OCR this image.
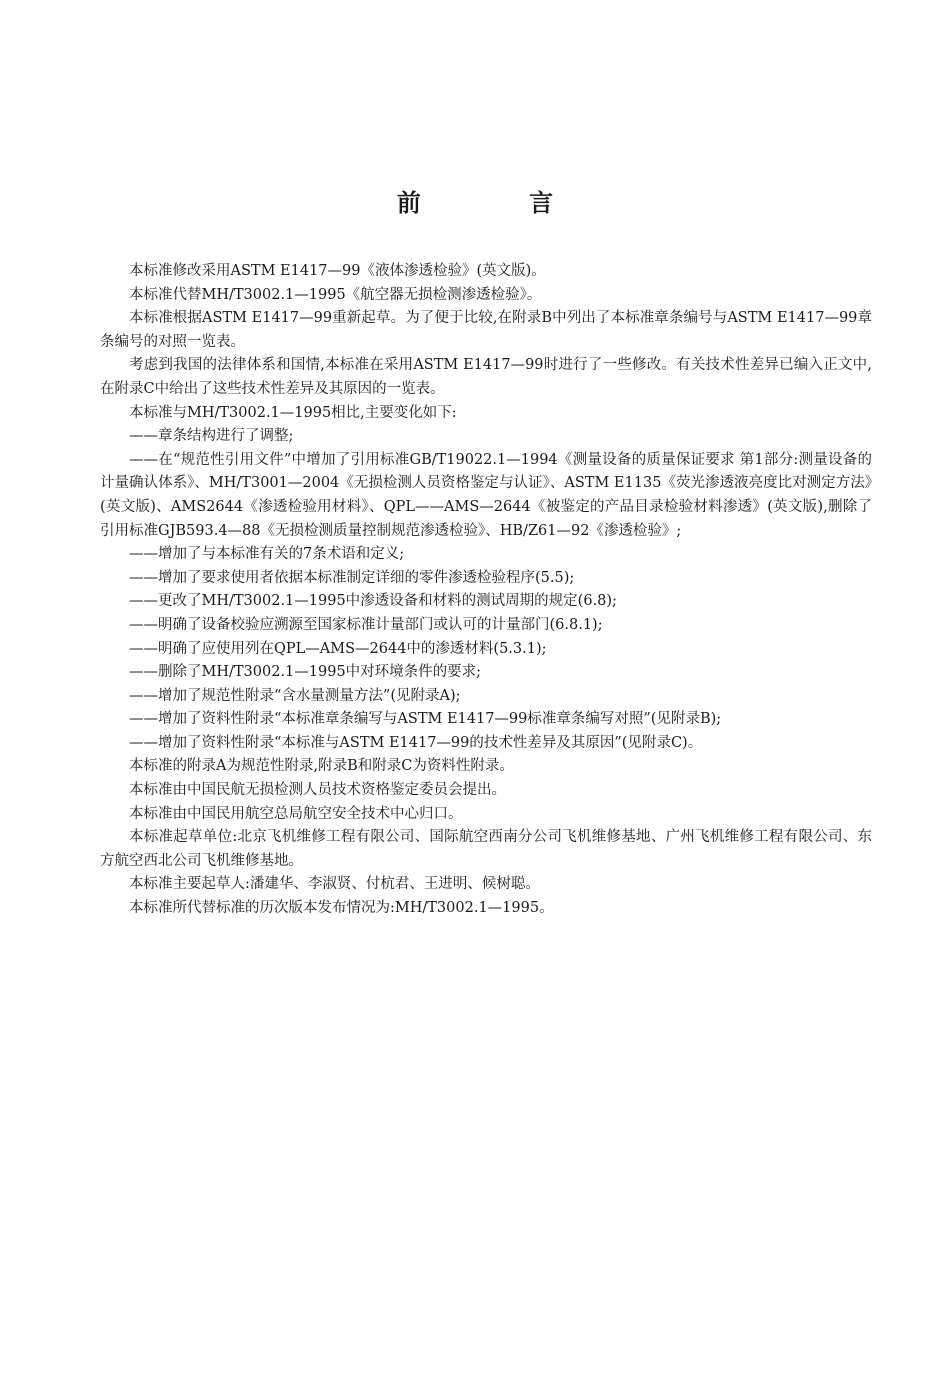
前 言

本标准修改采用ASTM E1417—99《液体渗透检验》(英文版)。

本标准代替MH/T3002.1—1995《航空器无损检测渗透检验》。

本标准根据ASTM E1417—99重新起草。为了便于比较,在附录B中列出了本标准章条编号与ASTM E1417—99章条编号的对照一览表。

考虑到我国的法律体系和国情,本标准在采用ASTM E1417—99时进行了一些修改。有关技术性差异已编入正文中,在附录C中给出了这些技术性差异及其原因的一览表。

本标准与MH/T3002.1—1995相比,主要变化如下:

——章条结构进行了调整;

——在“规范性引用文件”中增加了引用标准GB/T19022.1—1994《测量设备的质量保证要求 第1部分:测量设备的计量确认体系》、MH/T3001—2004《无损检测人员资格鉴定与认证》、ASTM E1135《荧光渗透液亮度比对测定方法》(英文版)、AMS2644《渗透检验用材料》、QPL——AMS—2644《被鉴定的产品目录检验材料渗透》(英文版),删除了引用标准GJB593.4—88《无损检测质量控制规范渗透检验》、HB/Z61—92《渗透检验》;

——增加了与本标准有关的7条术语和定义;

——增加了要求使用者依据本标准制定详细的零件渗透检验程序(5.5);

——更改了MH/T3002.1—1995中渗透设备和材料的测试周期的规定(6.8);

——明确了设备校验应溯源至国家标准计量部门或认可的计量部门(6.8.1);

——明确了应使用列在QPL—AMS—2644中的渗透材料(5.3.1);

——删除了MH/T3002.1—1995中对环境条件的要求;

——增加了规范性附录“含水量测量方法”(见附录A);

——增加了资料性附录“本标准章条编写与ASTM E1417—99标准章条编写对照”(见附录B);

——增加了资料性附录“本标准与ASTM E1417—99的技术性差异及其原因”(见附录C)。

本标准的附录A为规范性附录,附录B和附录C为资料性附录。

本标准由中国民航无损检测人员技术资格鉴定委员会提出。

本标准由中国民用航空总局航空安全技术中心归口。

本标准起草单位:北京飞机维修工程有限公司、国际航空西南分公司飞机维修基地、广州飞机维修工程有限公司、东方航空西北公司飞机维修基地。

本标准主要起草人:潘建华、李淑贤、付杭君、王进明、候树聪。

本标准所代替标准的历次版本发布情况为:MH/T3002.1—1995。
